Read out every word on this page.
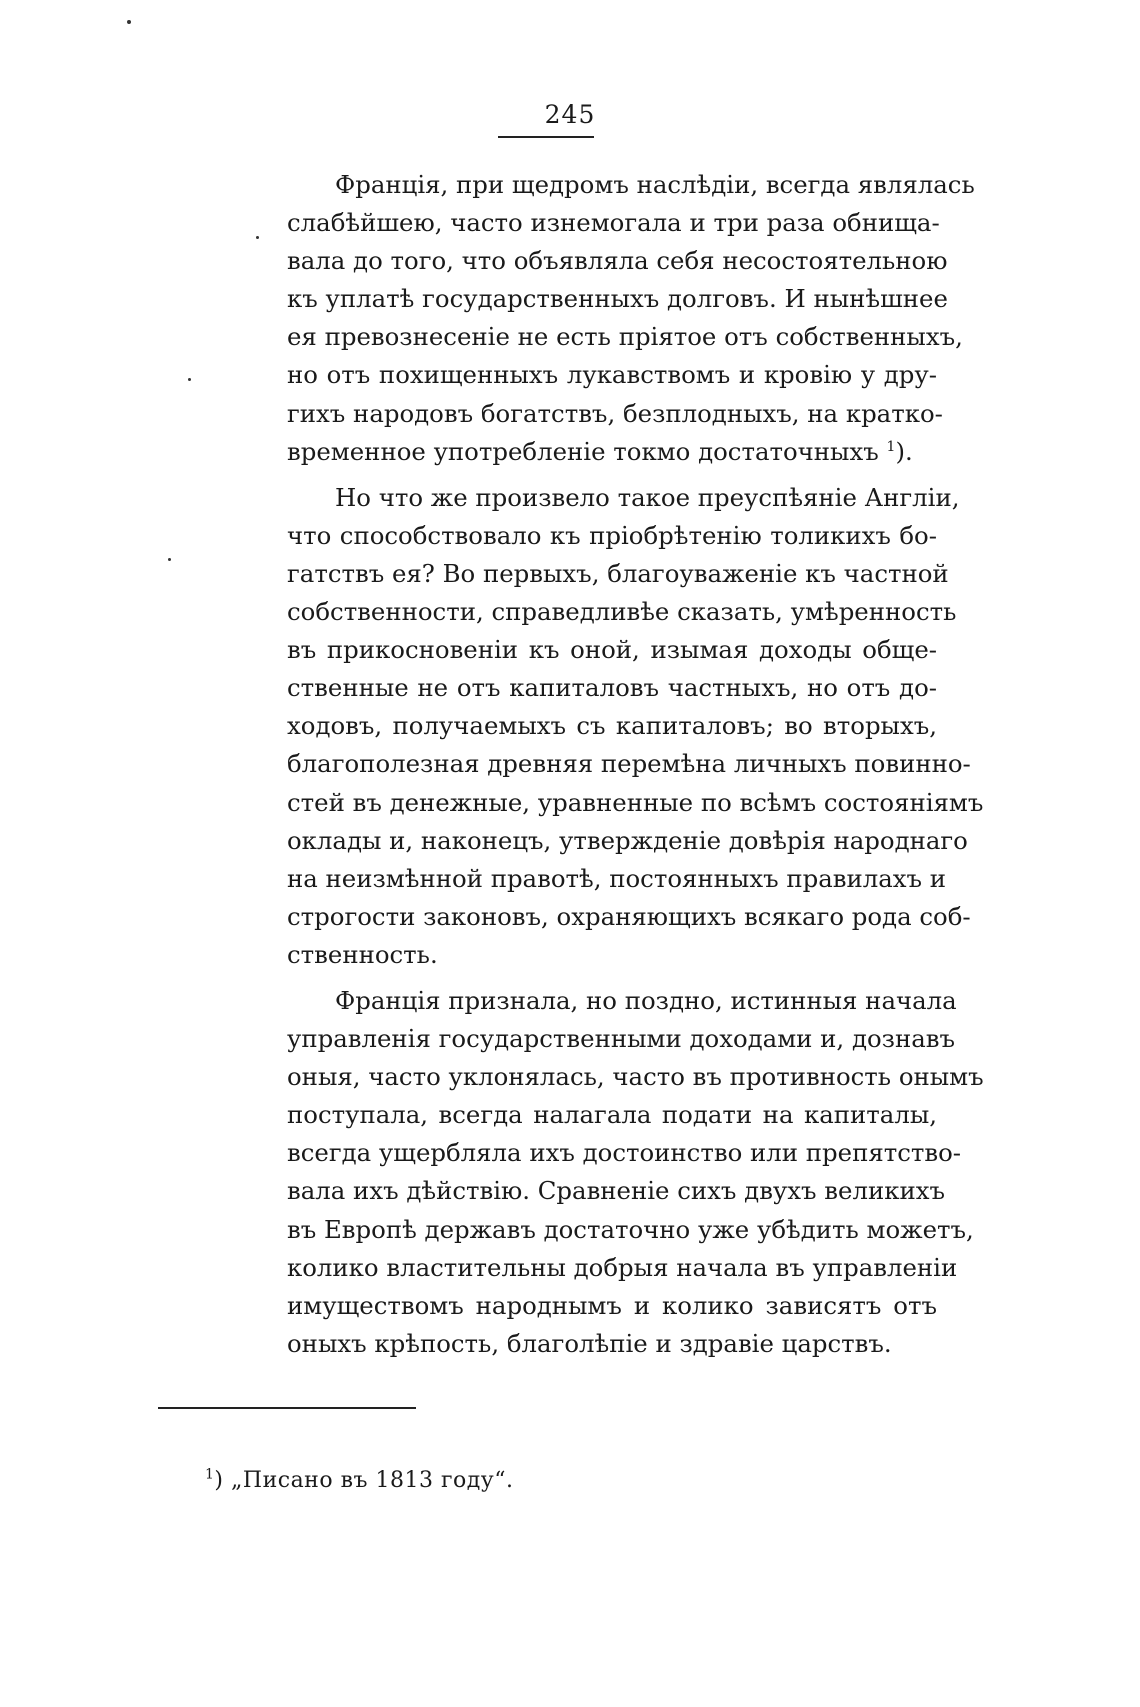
245
Францiя, при щедромъ наслѣдiи, всегда являлась
слабѣйшею, часто изнемогала и три раза обнища-
вала до того, что объявляла себя несостоятельною
къ уплатѣ государственныхъ долговъ. И нынѣшнее
ея превознесенiе не есть прiятое отъ собственныхъ,
но отъ похищенныхъ лукавствомъ и кровiю у дру-
гихъ народовъ богатствъ, безплодныхъ, на кратко-
временное употребленiе токмо достаточныхъ $^1$).
Но что же произвело такое преуспѣянiе Англiи,
что способствовало къ прiобрѣтенiю толикихъ бо-
гатствъ ея? Во первыхъ, благоуваженiе къ частной
собственности, справедливѣе сказать, умѣренность
въ прикосновенiи къ оной, изымая доходы обще-
ственные не отъ капиталовъ частныхъ, но отъ до-
ходовъ, получаемыхъ съ капиталовъ; во вторыхъ,
благополезная древняя перемѣна личныхъ повинно-
стей въ денежные, уравненные по всѣмъ состоянiямъ
оклады и, наконецъ, утвержденiе довѣрiя народнаго
на неизмѣнной правотѣ, постоянныхъ правилахъ и
строгости законовъ, охраняющихъ всякаго рода соб-
ственность.
Францiя признала, но поздно, истинныя начала
управленiя государственными доходами и, дознавъ
оныя, часто уклонялась, часто въ противность онымъ
поступала, всегда налагала подати на капиталы,
всегда ущербляла ихъ достоинство или препятство-
вала ихъ дѣйствiю. Сравненiе сихъ двухъ великихъ
въ Европѣ державъ достаточно уже убѣдить можетъ,
колико властительны добрыя начала въ управленiи
имуществомъ народнымъ и колико зависятъ отъ
оныхъ крѣпость, благолѣпiе и здравiе царствъ.
$^1$) „Писано въ 1813 году“.
